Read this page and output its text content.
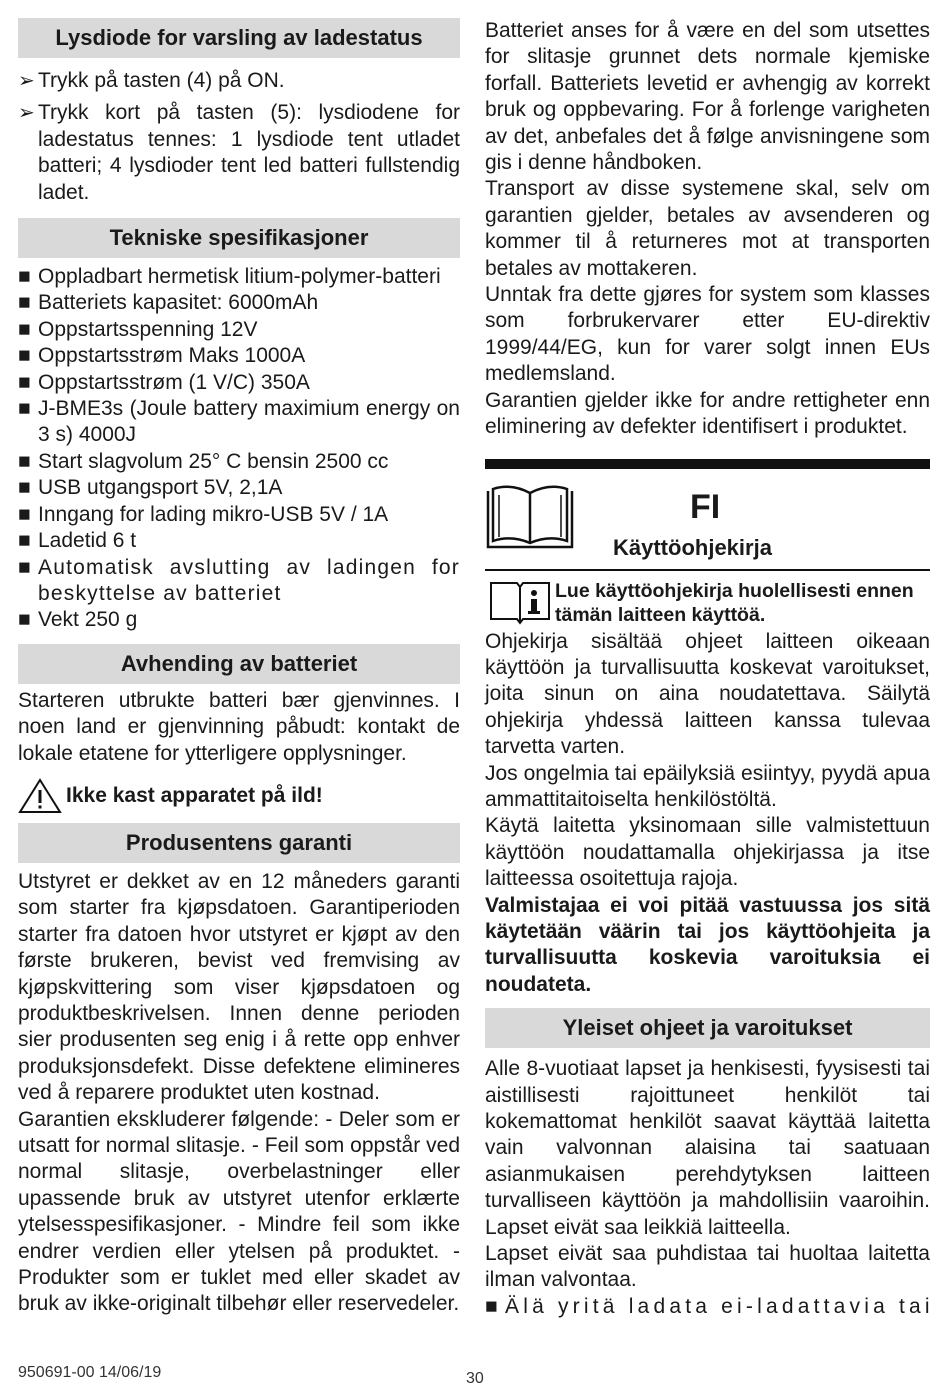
Lysdiode for varsling av ladestatus
➢ Trykk på tasten (4) på ON.
➢ Trykk kort på tasten (5): lysdiodene for ladestatus tennes: 1 lysdiode tent utladet batteri; 4 lysdioder tent led batteri fullstendig ladet.
Tekniske spesifikasjoner
■ Oppladbart hermetisk litium-polymer-batteri
■ Batteriets kapasitet: 6000mAh
■ Oppstartsspenning 12V
■ Oppstartsstrøm Maks 1000A
■ Oppstartsstrøm (1 V/C) 350A
■ J-BME3s (Joule battery maximium energy on 3 s) 4000J
■ Start slagvolum 25° C bensin 2500 cc
■ USB utgangsport 5V, 2,1A
■ Inngang for lading mikro-USB 5V / 1A
■ Ladetid 6 t
■ Automatisk avslutting av ladingen for beskyttelse av batteriet
■ Vekt 250 g
Avhending av batteriet

Starteren utbrukte batteri bær gjenvinnes. I noen land er gjenvinning påbudt: kontakt de lokale etatene for ytterligere opplysninger.

Ikke kast apparatet på ild!
Produsentens garanti

Utstyret er dekket av en 12 måneders garanti som starter fra kjøpsdatoen. Garantiperioden starter fra datoen hvor utstyret er kjøpt av den første brukeren, bevist ved fremvising av kjøpskvittering som viser kjøpsdatoen og produktbeskrivelsen. Innen denne perioden sier produsenten seg enig i å rette opp enhver produksjonsdefekt. Disse defektene elimineres ved å reparere produktet uten kostnad.

Garantien ekskluderer følgende: - Deler som er utsatt for normal slitasje. - Feil som oppstår ved normal slitasje, overbelastninger eller upassende bruk av utstyret utenfor erklærte ytelsesspesifikasjoner. - Mindre feil som ikke endrer verdien eller ytelsen på produktet. - Produkter som er tuklet med eller skadet av bruk av ikke-originalt tilbehør eller reservedeler.

Batteriet anses for å være en del som utsettes for slitasje grunnet dets normale kjemiske forfall. Batteriets levetid er avhengig av korrekt bruk og oppbevaring. For å forlenge varigheten av det, anbefales det å følge anvisningene som gis i denne håndboken.

Transport av disse systemene skal, selv om garantien gjelder, betales av avsenderen og kommer til å returneres mot at transporten betales av mottakeren.

Unntak fra dette gjøres for system som klasses som forbrukervarer etter EU-direktiv 1999/44/EG, kun for varer solgt innen EUs medlemsland.

Garantien gjelder ikke for andre rettigheter enn eliminering av defekter identifisert i produktet.

FI
Käyttöohjekirja
Lue käyttöohjekirja huolellisesti ennen tämän laitteen käyttöä.

Ohjekirja sisältää ohjeet laitteen oikeaan käyttöön ja turvallisuutta koskevat varoitukset, joita sinun on aina noudatettava. Säilytä ohjekirja yhdessä laitteen kanssa tulevaa tarvetta varten.

Jos ongelmia tai epäilyksiä esiintyy, pyydä apua ammattitaitoiselta henkilöstöltä.

Käytä laitetta yksinomaan sille valmistettuun käyttöön noudattamalla ohjekirjassa ja itse laitteessa osoitettuja rajoja.

Valmistajaa ei voi pitää vastuussa jos sitä käytetään väärin tai jos käyttöohjeita ja turvallisuutta koskevia varoituksia ei noudateta.

Yleiset ohjeet ja varoitukset

Alle 8-vuotiaat lapset ja henkisesti, fyysisesti tai aistillisesti rajoittuneet henkilöt tai kokemattomat henkilöt saavat käyttää laitetta vain valvonnan alaisina tai saatuaan asianmukaisen perehdytyksen laitteen turvalliseen käyttöön ja mahdollisiin vaaroihin. Lapset eivät saa leikkiä laitteella.

Lapset eivät saa puhdistaa tai huoltaa laitetta ilman valvontaa.

■ Älä yritä ladata ei-ladattavia tai
950691-00 14/06/19	30
